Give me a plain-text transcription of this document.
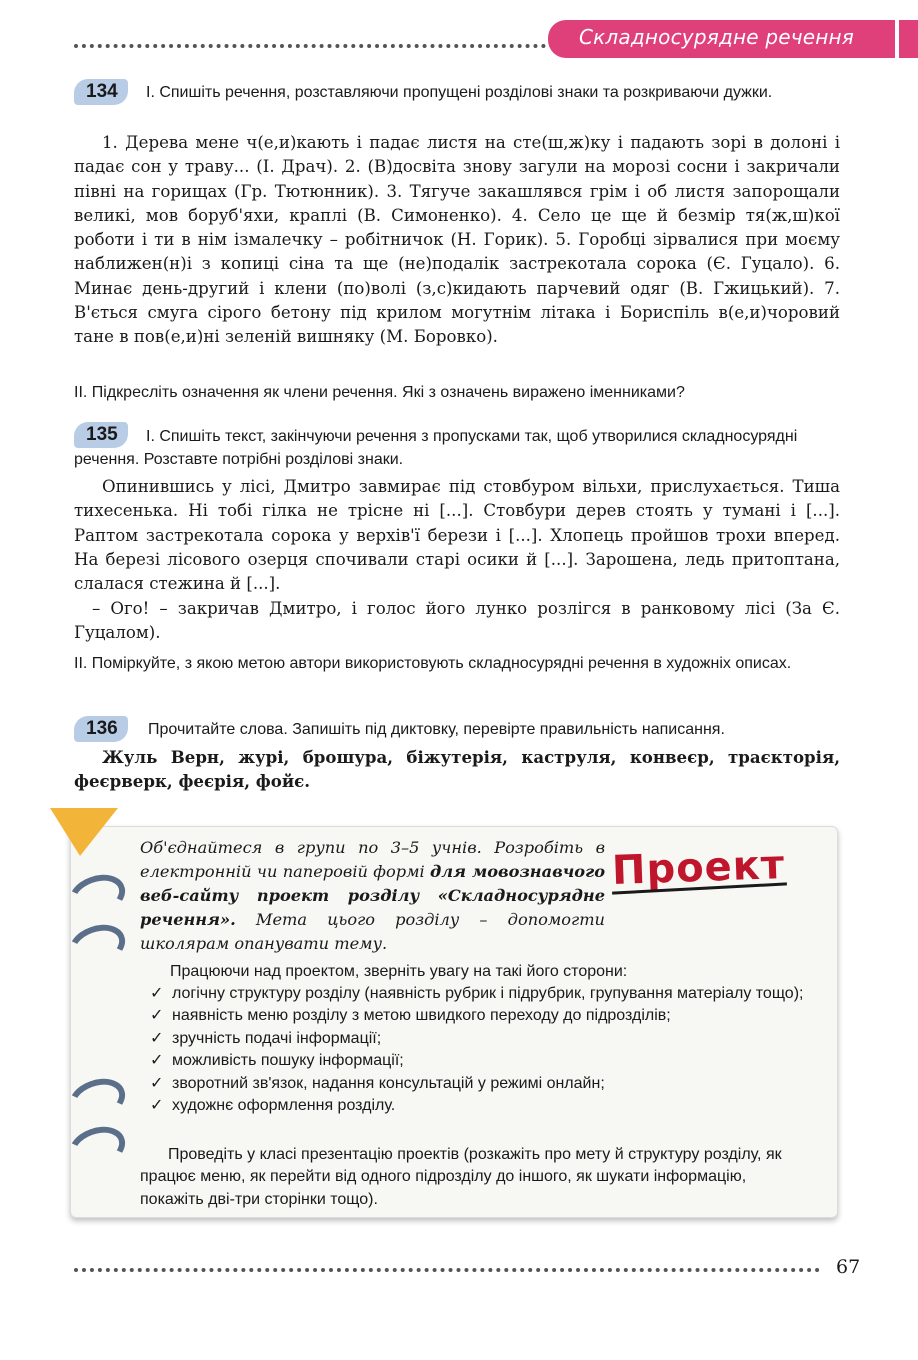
Складносурядне речення
134	І. Спишіть речення, розставляючи пропущені розділові знаки та розкриваючи дужки.
1. Дерева мене ч(е,и)кають і падає листя на сте(ш,ж)ку і падають зорі в долоні і падає сон у траву... (І. Драч). 2. (В)досвіта знову загули на морозі сосни і закричали півні на горищах (Гр. Тютюнник). 3. Тягуче закашлявся грім і об листя запорощали великі, мов боруб'яхи, краплі (В. Симоненко). 4. Село це ще й безмір тя(ж,ш)кої роботи і ти в нім ізмалечку – робітничок (Н. Горик). 5. Горобці зірвалися при моєму наближен(н)і з копиці сіна та ще (не)подалік застрекотала сорока (Є. Гуцало). 6. Минає день-другий і клени (по)волі (з,с)кидають парчевий одяг (В. Гжицький). 7. В'ється смуга сірого бетону під крилом могутнім літака і Бориспіль в(е,и)чоровий тане в пов(е,и)ні зеленій вишняку (М. Боровко).
ІІ. Підкресліть означення як члени речення. Які з означень виражено іменниками?
135	І. Спишіть текст, закінчуючи речення з пропусками так, щоб утворилися складносурядні речення. Розставте потрібні розділові знаки.
Опинившись у лісі, Дмитро завмирає під стовбуром вільхи, прислухається. Тиша тихесенька. Ні тобі гілка не тріснe ні [...]. Стовбури дерев стоять у тумані і [...]. Раптом застрекотала сорока у верхів'ї берези і [...]. Хлопець пройшов трохи вперед. На березі лісового озерця спочивали старі осики й [...]. Зарошена, ледь притоптана, слалася стежина й [...].
– Ого! – закричав Дмитро, і голос його лунко розлігся в ранковому лісі (За Є. Гуцалом).
ІІ. Поміркуйте, з якою метою автори використовують складносурядні речення в художніх описах.
136	Прочитайте слова. Запишіть під диктовку, перевірте правильність написання.
Жуль Верн, журі, брошура, біжутерія, каструля, конвеєр, траєкторія, феєрверк, феєрія, фойє.
Об'єднайтеся в групи по 3–5 учнів. Розробіть в електронній чи паперовій формі для мовознавчого веб-сайту проект розділу «Складносурядне речення». Мета цього розділу – допомогти школярам опанувати тему.
Проект
Працюючи над проектом, зверніть увагу на такі його сторони:
✓ логічну структуру розділу (наявність рубрик і підрубрик, групування матеріалу тощо);
✓ наявність меню розділу з метою швидкого переходу до підрозділів;
✓ зручність подачі інформації;
✓ можливість пошуку інформації;
✓ зворотний зв'язок, надання консультацій у режимі онлайн;
✓ художнє оформлення розділу.
Проведіть у класі презентацію проектів (розкажіть про мету й структуру розділу, як працює меню, як перейти від одного підрозділу до іншого, як шукати інформацію, покажіть дві-три сторінки тощо).
67
